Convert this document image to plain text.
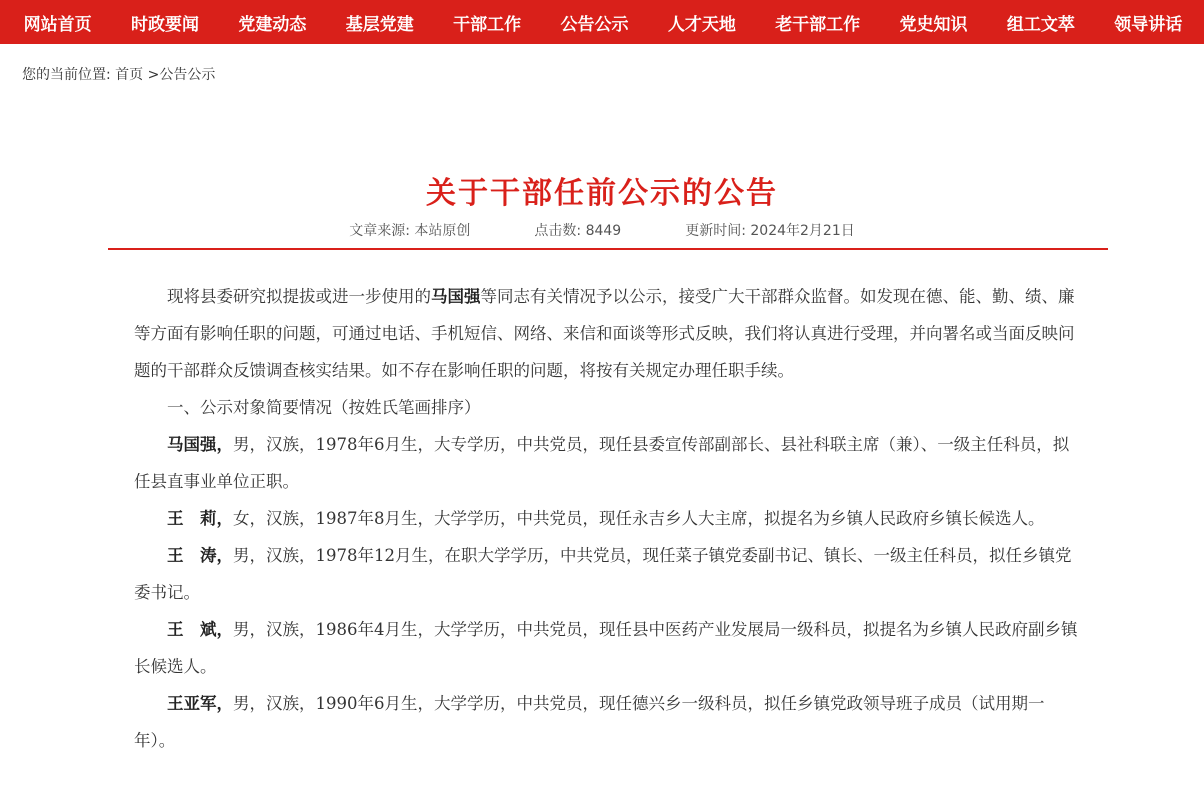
网站首页	时政要闻	党建动态	基层党建	干部工作	公告公示	人才天地	老干部工作	党史知识	组工文萃	领导讲话
您的当前位置: 首页 >公告公示
关于干部任前公示的公告
文章来源: 本站原创	点击数: 8449	更新时间: 2024年2月21日

现将县委研究拟提拔或进一步使用的马国强等同志有关情况予以公示，接受广大干部群众监督。如发现在德、能、勤、绩、廉等方面有影响任职的问题，可通过电话、手机短信、网络、来信和面谈等形式反映，我们将认真进行受理，并向署名或当面反映问题的干部群众反馈调查核实结果。如不存在影响任职的问题，将按有关规定办理任职手续。

一、公示对象简要情况（按姓氏笔画排序）

马国强，男，汉族，1978年6月生，大专学历，中共党员，现任县委宣传部副部长、县社科联主席（兼）、一级主任科员，拟任县直事业单位正职。

王　莉，女，汉族，1987年8月生，大学学历，中共党员，现任永吉乡人大主席，拟提名为乡镇人民政府乡镇长候选人。

王　涛，男，汉族，1978年12月生，在职大学学历，中共党员，现任菜子镇党委副书记、镇长、一级主任科员，拟任乡镇党委书记。

王　斌，男，汉族，1986年4月生，大学学历，中共党员，现任县中医药产业发展局一级科员，拟提名为乡镇人民政府副乡镇长候选人。

王亚军，男，汉族，1990年6月生，大学学历，中共党员，现任德兴乡一级科员，拟任乡镇党政领导班子成员（试用期一年）。
